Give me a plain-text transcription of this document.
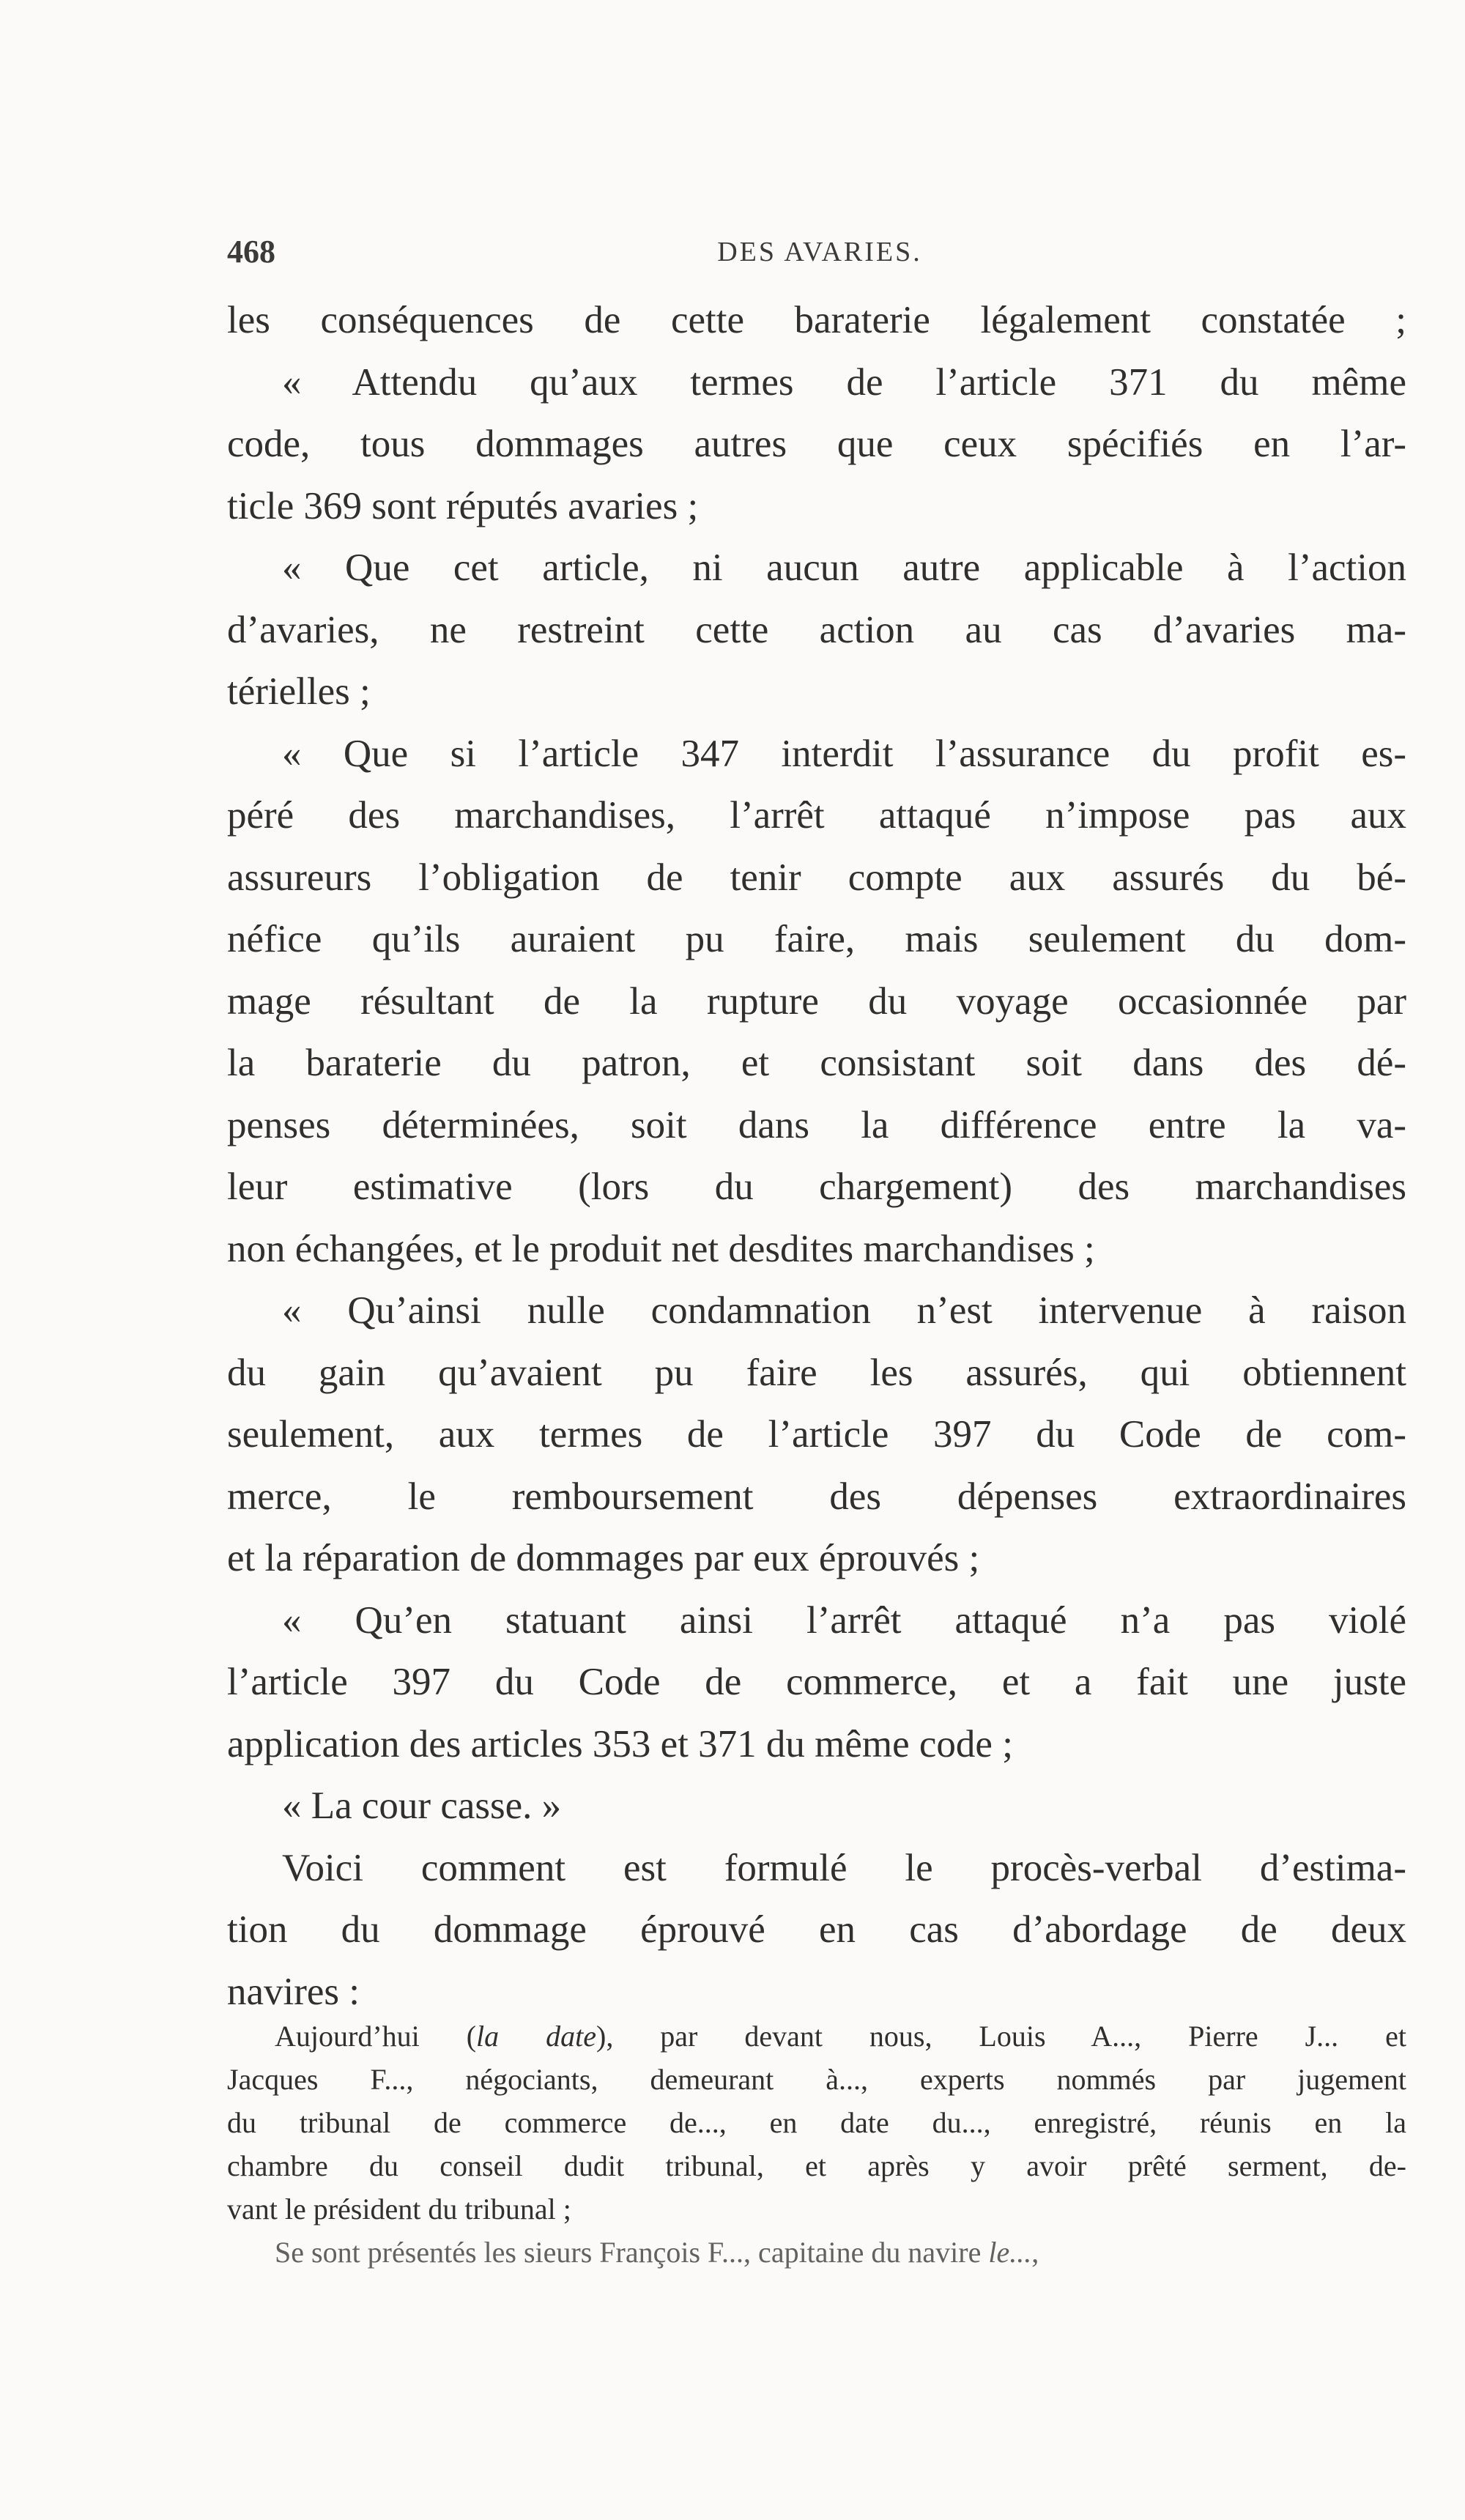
468	DES AVARIES.
les conséquences de cette baraterie légalement constatée ;
« Attendu qu’aux termes de l’article 371 du même
code, tous dommages autres que ceux spécifiés en l’ar-
ticle 369 sont réputés avaries ;
« Que cet article, ni aucun autre applicable à l’action
d’avaries, ne restreint cette action au cas d’avaries ma-
térielles ;
« Que si l’article 347 interdit l’assurance du profit es-
péré des marchandises, l’arrêt attaqué n’impose pas aux
assureurs l’obligation de tenir compte aux assurés du bé-
néfice qu’ils auraient pu faire, mais seulement du dom-
mage résultant de la rupture du voyage occasionnée par
la baraterie du patron, et consistant soit dans des dé-
penses déterminées, soit dans la différence entre la va-
leur estimative (lors du chargement) des marchandises
non échangées, et le produit net desdites marchandises ;
« Qu’ainsi nulle condamnation n’est intervenue à raison
du gain qu’avaient pu faire les assurés, qui obtiennent
seulement, aux termes de l’article 397 du Code de com-
merce, le remboursement des dépenses extraordinaires
et la réparation de dommages par eux éprouvés ;
« Qu’en statuant ainsi l’arrêt attaqué n’a pas violé
l’article 397 du Code de commerce, et a fait une juste
application des articles 353 et 371 du même code ;
« La cour casse. »
Voici comment est formulé le procès-verbal d’estima-
tion du dommage éprouvé en cas d’abordage de deux
navires :
Aujourd’hui (la date), par devant nous, Louis A..., Pierre J... et
Jacques F..., négociants, demeurant à..., experts nommés par jugement
du tribunal de commerce de..., en date du..., enregistré, réunis en la
chambre du conseil dudit tribunal, et après y avoir prêté serment, de-
vant le président du tribunal ;
Se sont présentés les sieurs François F..., capitaine du navire le...,
